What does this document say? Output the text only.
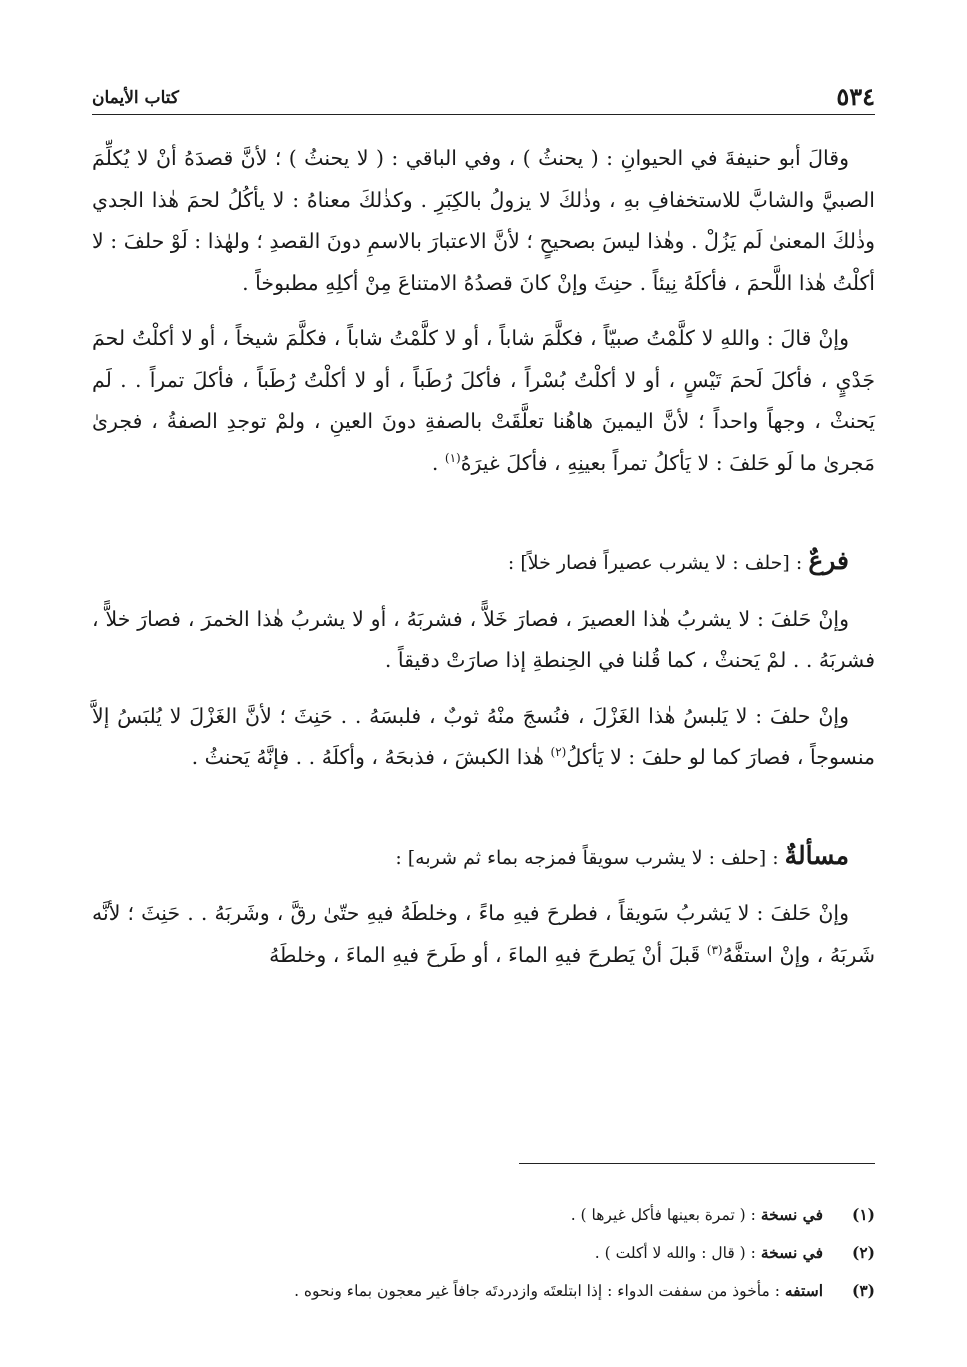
٥٣٤
كتاب الأيمان

وقالَ أبو حنيفةَ في الحيوانِ : ( يحنثُ ) ، وفي الباقي : ( لا يحنثُ ) ؛ لأنَّ قصدَهُ أنْ لا يُكلِّمَ الصبيَّ والشابَّ للاستخفافِ بهِ ، وذٰلكَ لا يزولُ بالكِبَرِ . وكذٰلكَ معناهُ : لا يأكُلُ لحمَ هٰذا الجدي وذٰلكَ المعنىٰ لَم يَزُلْ . وهٰذا ليسَ بصحيحٍ ؛ لأنَّ الاعتبارَ بالاسمِ دونَ القصدِ ؛ ولهٰذا : لَوْ حلفَ : لا أكلْتُ هٰذا اللَّحمَ ، فأكلَهُ نِيئاً . حنِثَ وإنْ كانَ قصدُهُ الامتناعَ مِنْ أكلِهِ مطبوخاً .

وإنْ قالَ : واللهِ لا كلَّمْتُ صبيّاً ، فكلَّمَ شاباً ، أو لا كلَّمْتُ شاباً ، فكلَّمَ شيخاً ، أو لا أكلْتُ لحمَ جَدْيٍ ، فأكلَ لَحمَ تَيْسٍ ، أو لا أكلْتُ بُسْراً ، فأكلَ رُطَباً ، أو لا أكلْتُ رُطَباً ، فأكلَ تمراً . . لَم يَحنثْ ، وجهاً واحداً ؛ لأنَّ اليمينَ هاهُنا تعلَّقَتْ بالصفةِ دونَ العينِ ، ولمْ توجدِ الصفةُ ، فجرىٰ مَجرىٰ ما لَو حَلفَ : لا يَأكلُ تمراً بعينِهِ ، فأكلَ غيرَهُ$^{(١)}$ .

فرعٌ : [حلف : لا يشرب عصيراً فصار خلاً] :

وإنْ حَلفَ : لا يشربُ هٰذا العصيرَ ، فصارَ خَلاًّ ، فشربَهُ ، أو لا يشربُ هٰذا الخمرَ ، فصارَ خلاًّ ، فشربَهُ . . لمْ يَحنثْ ، كما قُلنا في الحِنطةِ إذا صارَتْ دقيقاً .

وإنْ حلفَ : لا يَلبسُ هٰذا الغَزْلَ ، فنُسجَ منْهُ ثوبٌ ، فلبسَهُ . . حَنِثَ ؛ لأنَّ الغَزْلَ لا يُلبَسُ إلاَّ منسوجاً ، فصارَ كما لو حلفَ : لا يَأكلُ$^{(٢)}$ هٰذا الكبشَ ، فذبحَهُ ، وأكلَهُ . . فإنَّهُ يَحنثُ .

مسألةٌ : [حلف : لا يشرب سويقاً فمزجه بماء ثم شربه] :

وإنْ حَلفَ : لا يَشربُ سَويقاً ، فطرحَ فيهِ ماءً ، وخلطَهُ فيهِ حتّىٰ رقَّ ، وشَربَهُ . . حَنِثَ ؛ لأنَّه شَربَهُ ، وإنْ استفَّهُ$^{(٣)}$ قَبلَ أنْ يَطرحَ فيهِ الماءَ ، أو طَرحَ فيهِ الماءَ ، وخلطَهُ

(١)
في نسخة : ( تمرة بعينها فأكل غيرها ) .
(٢)
في نسخة : ( قال : والله لا أكلت ) .
(٣)
استفه : مأخوذ من سففت الدواء : إذا ابتلعتَه وازدردتَه جافاً غير معجون بماء ونحوه .
